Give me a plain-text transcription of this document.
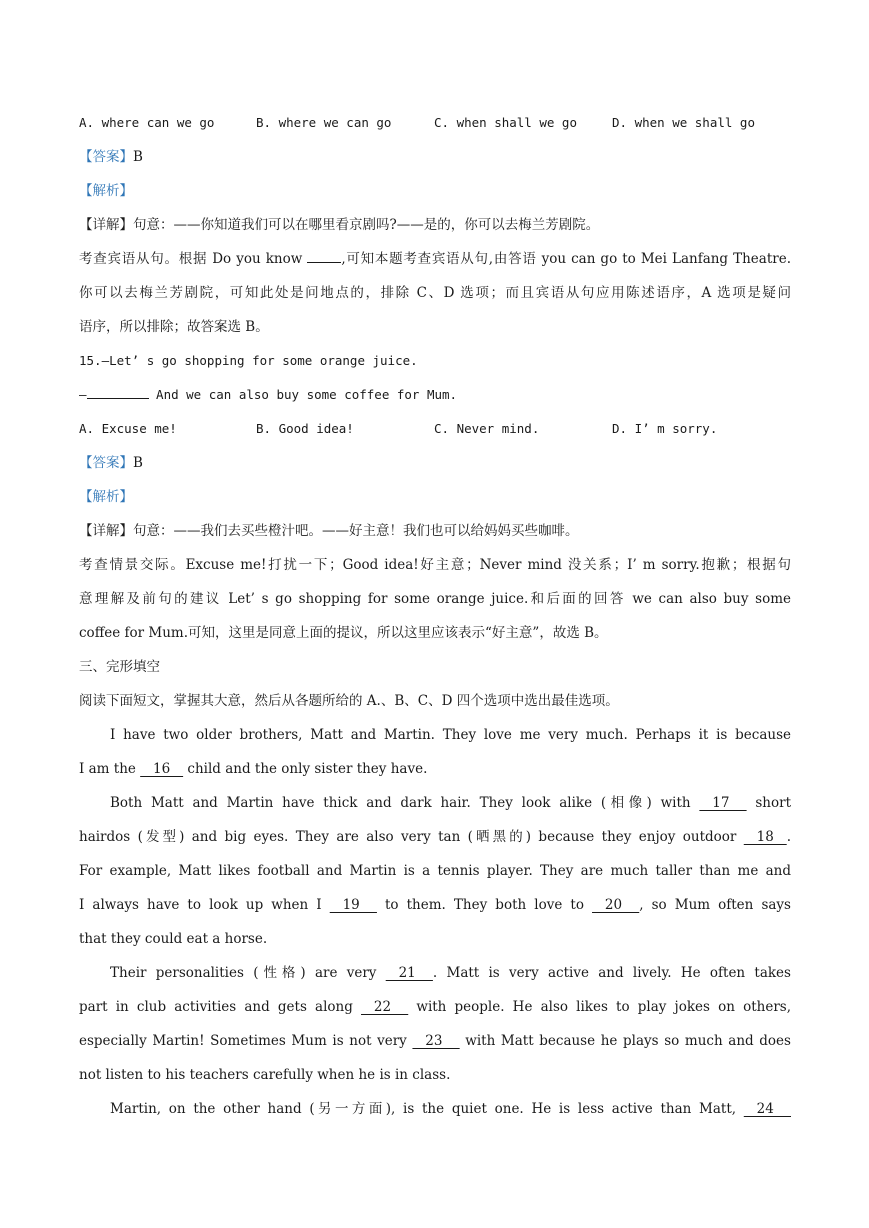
A. where can we go	B. where we can go	C. when shall we go	D. when we shall go
【答案】B
【解析】
【详解】句意：——你知道我们可以在哪里看京剧吗?——是的，你可以去梅兰芳剧院。
考查宾语从句。根据 Do you know	,可知本题考查宾语从句,由答语 you can go to Mei Lanfang Theatre.
你可以去梅兰芳剧院，可知此处是问地点的，排除 C、D 选项；而且宾语从句应用陈述语序，A 选项是疑问
语序，所以排除；故答案选 B。
15.—Let’ s go shopping for some orange juice.
—	And we can also buy some coffee for Mum.
A. Excuse me!	B. Good idea!	C. Never mind.	D. I’ m sorry.
【答案】B
【解析】
【详解】句意：——我们去买些橙汁吧。——好主意！我们也可以给妈妈买些咖啡。
考查情景交际。Excuse me!打扰一下；Good idea!好主意；Never mind 没关系；I’ m sorry.抱歉；根据句
意理解及前句的建议 Let’ s go shopping for some orange juice.和后面的回答 we can also buy some
coffee for Mum.可知，这里是同意上面的提议，所以这里应该表示“好主意”，故选 B。
三、完形填空
阅读下面短文，掌握其大意，然后从各题所给的 A.、B、C、D 四个选项中选出最佳选项。
I have two older brothers, Matt and Martin. They love me very much. Perhaps it is because
I am the    16    child and the only sister they have.
Both Matt and Martin have thick and dark hair. They look alike (相像) with    17     short
hairdos (发型) and big eyes. They are also very tan (晒黑的) because they enjoy outdoor    18   .
For example, Matt likes football and Martin is a tennis player. They are much taller than me and
I always have to look up when I    19     to them. They both love to    20    , so Mum often says
that they could eat a horse.
Their personalities (性格) are very    21    . Matt is very active and lively. He often takes
part in club activities and gets along    22     with people. He also likes to play jokes on others,
especially Martin! Sometimes Mum is not very    23     with Matt because he plays so much and does
not listen to his teachers carefully when he is in class.
Martin, on the other hand (另一方面), is the quiet one. He is less active than Matt,    24
